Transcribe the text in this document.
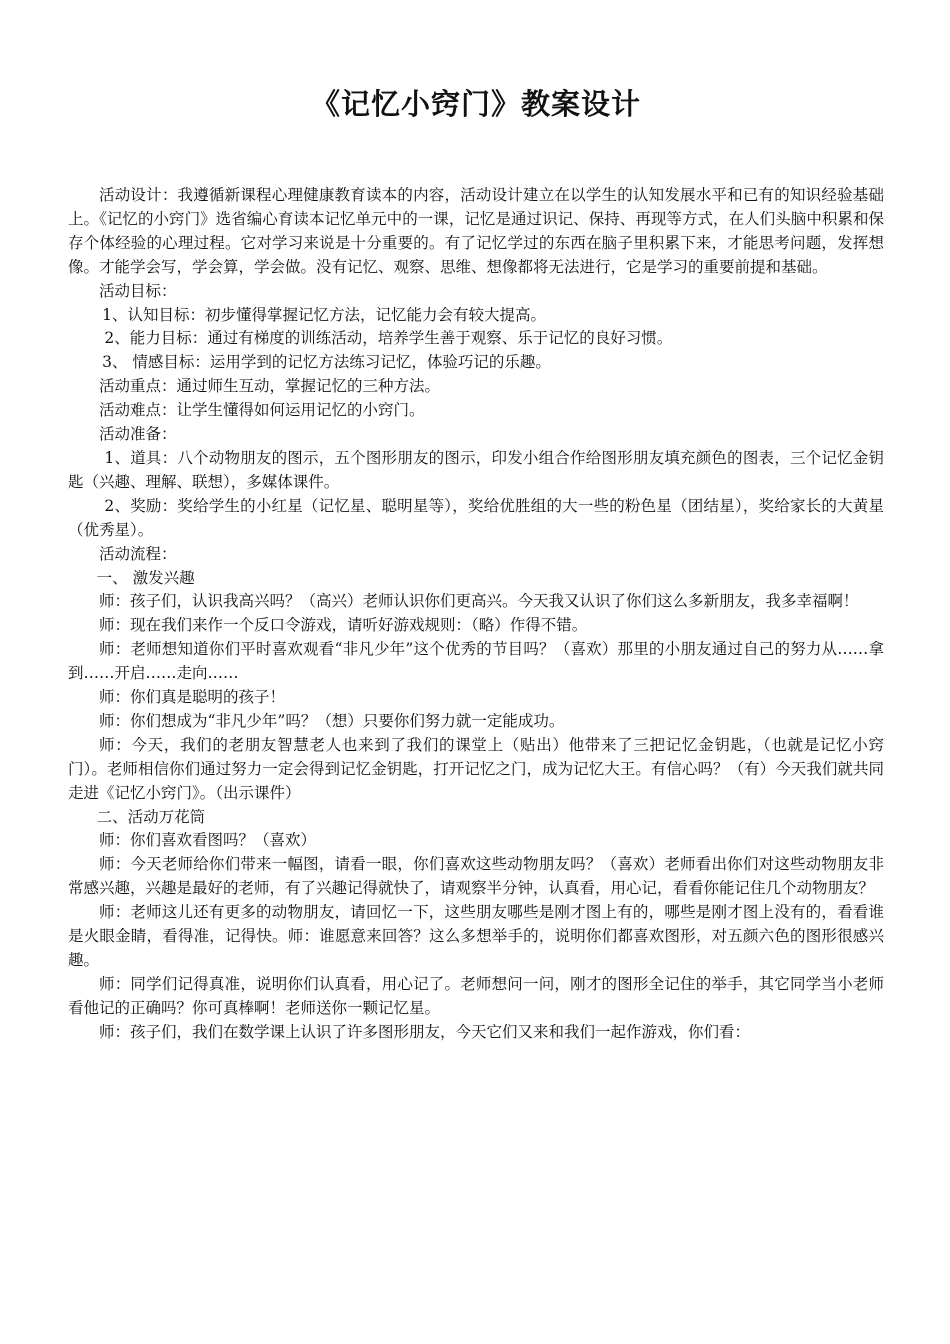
《记忆小窍门》教案设计

活动设计：我遵循新课程心理健康教育读本的内容，活动设计建立在以学生的认知发展水平和已有的知识经验基础上。《记忆的小窍门》选省编心育读本记忆单元中的一课，记忆是通过识记、保持、再现等方式，在人们头脑中积累和保存个体经验的心理过程。它对学习来说是十分重要的。有了记忆学过的东西在脑子里积累下来，才能思考问题，发挥想像。才能学会写，学会算，学会做。没有记忆、观察、思维、想像都将无法进行，它是学习的重要前提和基础。

活动目标：

1、认知目标：初步懂得掌握记忆方法，记忆能力会有较大提高。

2、能力目标：通过有梯度的训练活动，培养学生善于观察、乐于记忆的良好习惯。

3、 情感目标：运用学到的记忆方法练习记忆，体验巧记的乐趣。

活动重点：通过师生互动，掌握记忆的三种方法。

活动难点：让学生懂得如何运用记忆的小窍门。

活动准备：

1、道具：八个动物朋友的图示，五个图形朋友的图示，印发小组合作给图形朋友填充颜色的图表，三个记忆金钥匙（兴趣、理解、联想），多媒体课件。

2、奖励：奖给学生的小红星（记忆星、聪明星等），奖给优胜组的大一些的粉色星（团结星），奖给家长的大黄星（优秀星）。

活动流程：

一、 激发兴趣

师：孩子们，认识我高兴吗？（高兴）老师认识你们更高兴。今天我又认识了你们这么多新朋友，我多幸福啊！

师：现在我们来作一个反口令游戏，请听好游戏规则：（略）作得不错。

师：老师想知道你们平时喜欢观看“非凡少年”这个优秀的节目吗？（喜欢）那里的小朋友通过自己的努力从……拿到……开启……走向……

师：你们真是聪明的孩子！

师：你们想成为“非凡少年”吗？（想）只要你们努力就一定能成功。

师：今天，我们的老朋友智慧老人也来到了我们的课堂上（贴出）他带来了三把记忆金钥匙，（也就是记忆小窍门）。老师相信你们通过努力一定会得到记忆金钥匙，打开记忆之门，成为记忆大王。有信心吗？（有）今天我们就共同走进《记忆小窍门》。（出示课件）

二、活动万花筒

师：你们喜欢看图吗？（喜欢）

师：今天老师给你们带来一幅图，请看一眼，你们喜欢这些动物朋友吗？（喜欢）老师看出你们对这些动物朋友非常感兴趣，兴趣是最好的老师，有了兴趣记得就快了，请观察半分钟，认真看，用心记，看看你能记住几个动物朋友？

师：老师这儿还有更多的动物朋友，请回忆一下，这些朋友哪些是刚才图上有的，哪些是刚才图上没有的，看看谁是火眼金睛，看得准，记得快。师：谁愿意来回答？这么多想举手的，说明你们都喜欢图形，对五颜六色的图形很感兴趣。

师：同学们记得真准，说明你们认真看，用心记了。老师想问一问，刚才的图形全记住的举手，其它同学当小老师看他记的正确吗？你可真棒啊！老师送你一颗记忆星。

师：孩子们，我们在数学课上认识了许多图形朋友，今天它们又来和我们一起作游戏，你们看：
